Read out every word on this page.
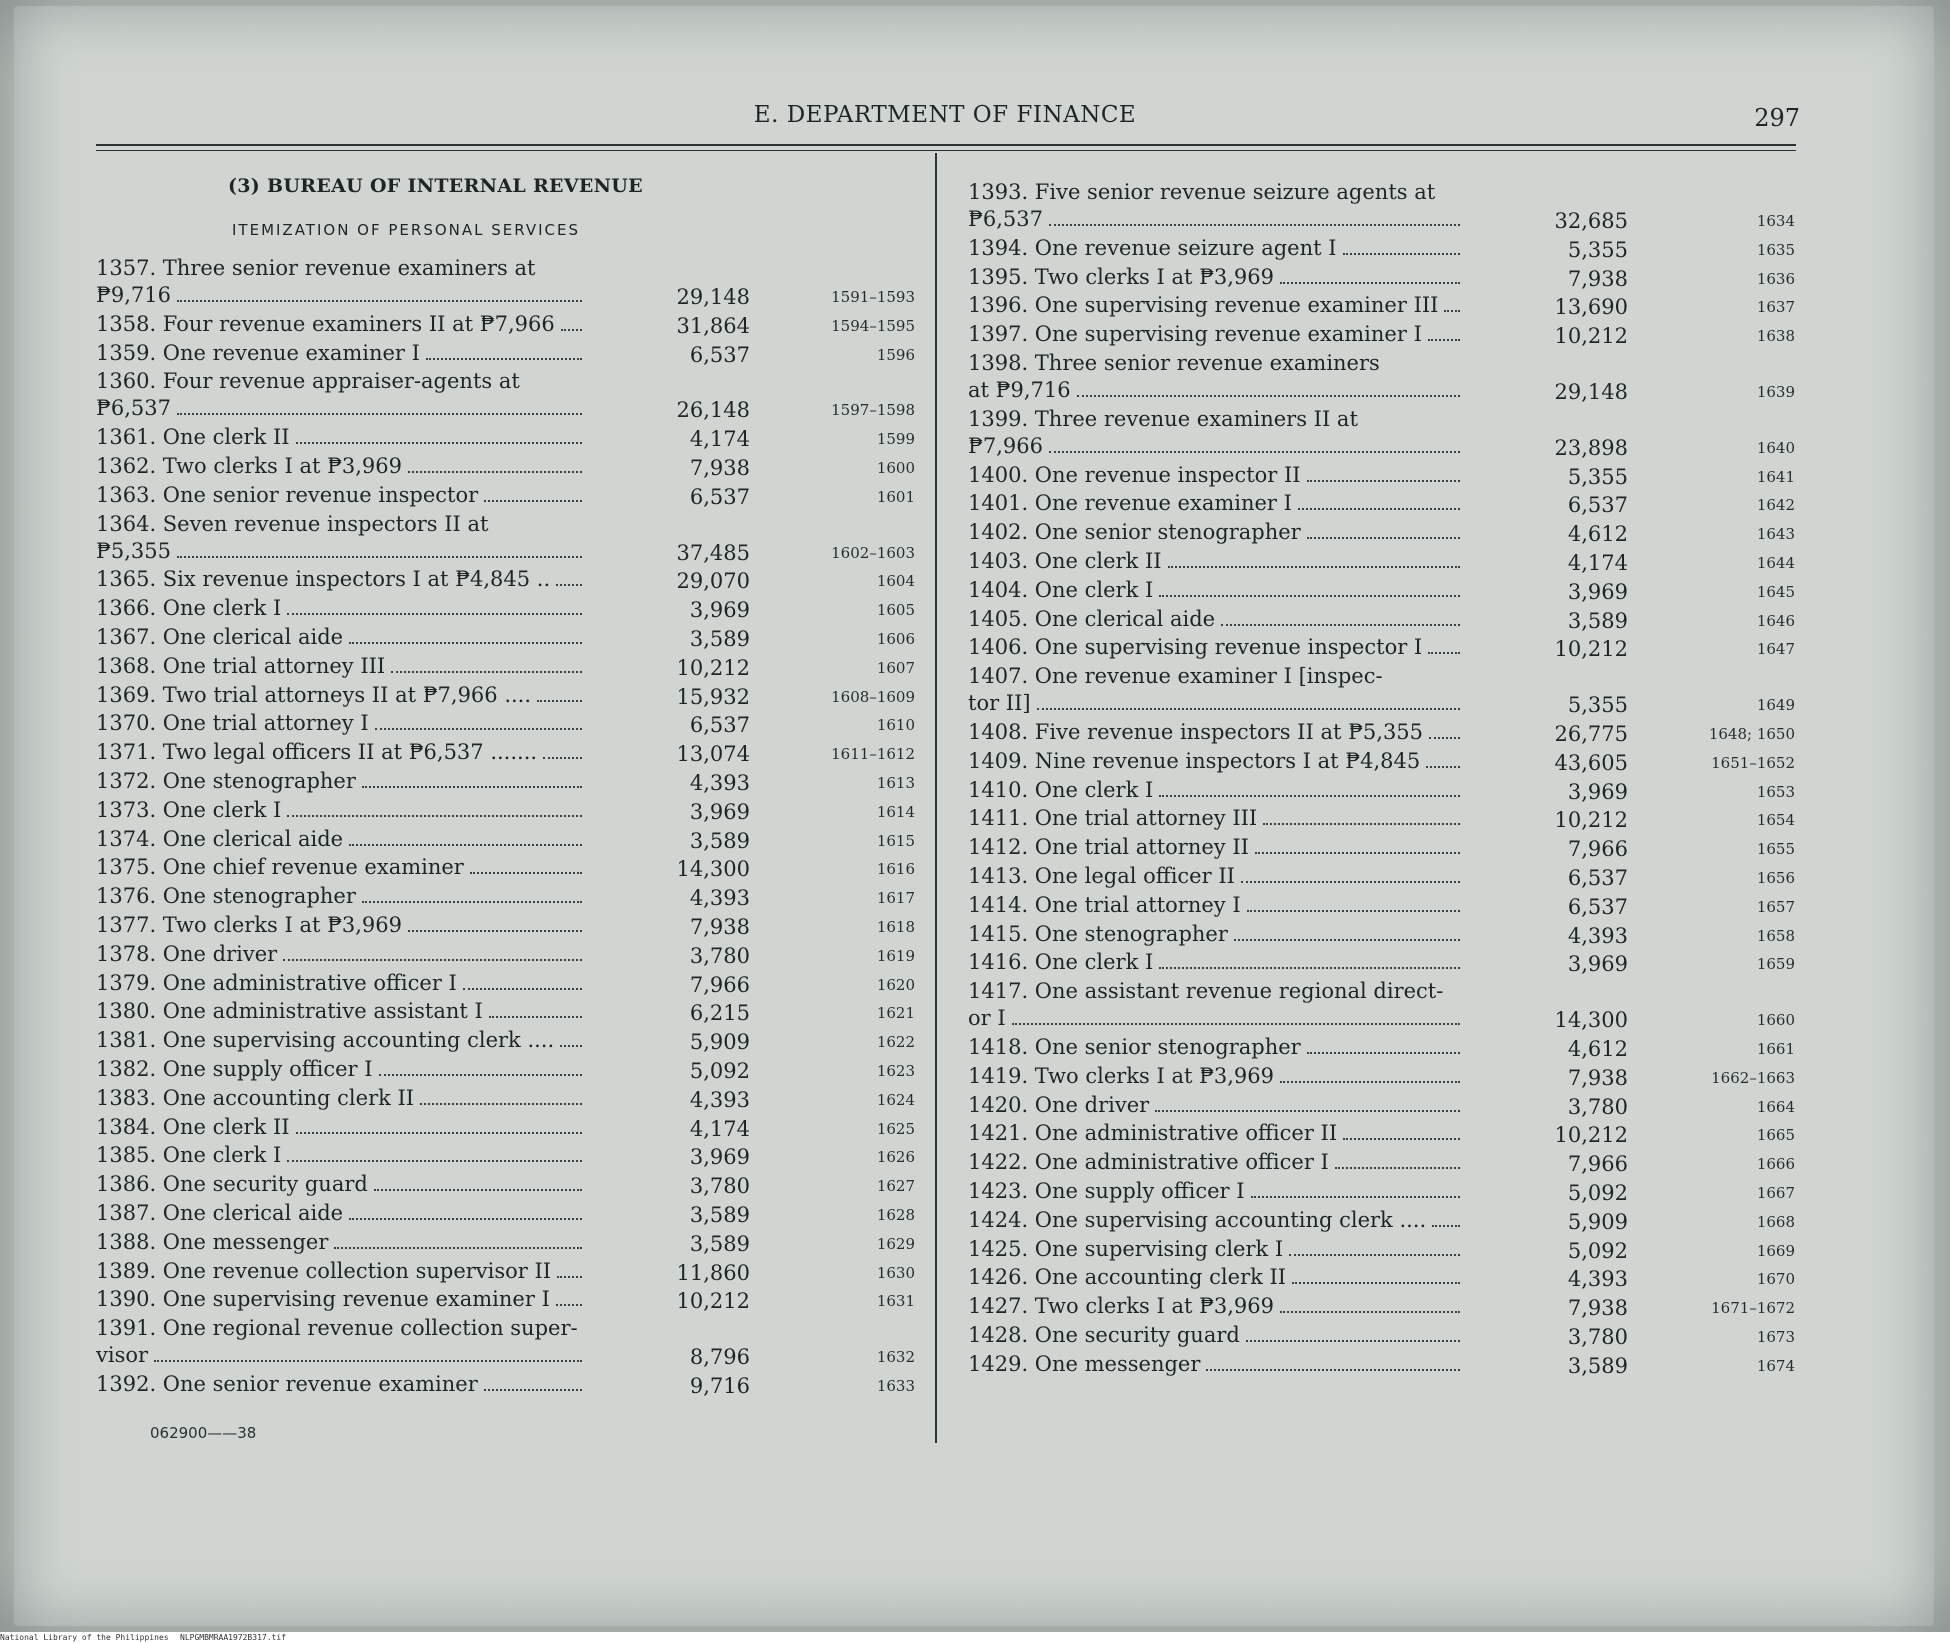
E. DEPARTMENT OF FINANCE	297
(3) BUREAU OF INTERNAL REVENUE
ITEMIZATION OF PERSONAL SERVICES
1357. Three senior revenue examiners at
₱9,716	29,148	1591–1593
1358. Four revenue examiners II at ₱7,966	31,864	1594–1595
1359. One revenue examiner I	6,537	1596
1360. Four revenue appraiser-agents at
₱6,537	26,148	1597–1598
1361. One clerk II	4,174	1599
1362. Two clerks I at ₱3,969	7,938	1600
1363. One senior revenue inspector	6,537	1601
1364. Seven revenue inspectors II at
₱5,355	37,485	1602–1603
1365. Six revenue inspectors I at ₱4,845 ..	29,070	1604
1366. One clerk I	3,969	1605
1367. One clerical aide	3,589	1606
1368. One trial attorney III	10,212	1607
1369. Two trial attorneys II at ₱7,966 ....	15,932	1608–1609
1370. One trial attorney I	6,537	1610
1371. Two legal officers II at ₱6,537 .......	13,074	1611–1612
1372. One stenographer	4,393	1613
1373. One clerk I	3,969	1614
1374. One clerical aide	3,589	1615
1375. One chief revenue examiner	14,300	1616
1376. One stenographer	4,393	1617
1377. Two clerks I at ₱3,969	7,938	1618
1378. One driver	3,780	1619
1379. One administrative officer I	7,966	1620
1380. One administrative assistant I	6,215	1621
1381. One supervising accounting clerk ....	5,909	1622
1382. One supply officer I	5,092	1623
1383. One accounting clerk II	4,393	1624
1384. One clerk II	4,174	1625
1385. One clerk I	3,969	1626
1386. One security guard	3,780	1627
1387. One clerical aide	3,589	1628
1388. One messenger	3,589	1629
1389. One revenue collection supervisor II	11,860	1630
1390. One supervising revenue examiner I	10,212	1631
1391. One regional revenue collection super-
visor	8,796	1632
1392. One senior revenue examiner	9,716	1633
1393. Five senior revenue seizure agents at
₱6,537	32,685	1634
1394. One revenue seizure agent I	5,355	1635
1395. Two clerks I at ₱3,969	7,938	1636
1396. One supervising revenue examiner III	13,690	1637
1397. One supervising revenue examiner I	10,212	1638
1398. Three senior revenue examiners
at ₱9,716	29,148	1639
1399. Three revenue examiners II at
₱7,966	23,898	1640
1400. One revenue inspector II	5,355	1641
1401. One revenue examiner I	6,537	1642
1402. One senior stenographer	4,612	1643
1403. One clerk II	4,174	1644
1404. One clerk I	3,969	1645
1405. One clerical aide	3,589	1646
1406. One supervising revenue inspector I	10,212	1647
1407. One revenue examiner I [inspec-
tor II]	5,355	1649
1408. Five revenue inspectors II at ₱5,355	26,775	1648; 1650
1409. Nine revenue inspectors I at ₱4,845	43,605	1651–1652
1410. One clerk I	3,969	1653
1411. One trial attorney III	10,212	1654
1412. One trial attorney II	7,966	1655
1413. One legal officer II	6,537	1656
1414. One trial attorney I	6,537	1657
1415. One stenographer	4,393	1658
1416. One clerk I	3,969	1659
1417. One assistant revenue regional direct-
or I	14,300	1660
1418. One senior stenographer	4,612	1661
1419. Two clerks I at ₱3,969	7,938	1662–1663
1420. One driver	3,780	1664
1421. One administrative officer II	10,212	1665
1422. One administrative officer I	7,966	1666
1423. One supply officer I	5,092	1667
1424. One supervising accounting clerk ....	5,909	1668
1425. One supervising clerk I	5,092	1669
1426. One accounting clerk II	4,393	1670
1427. Two clerks I at ₱3,969	7,938	1671–1672
1428. One security guard	3,780	1673
1429. One messenger	3,589	1674
062900——38
National Library of the Philippines NLPGMBMRAA1972B317.tif
